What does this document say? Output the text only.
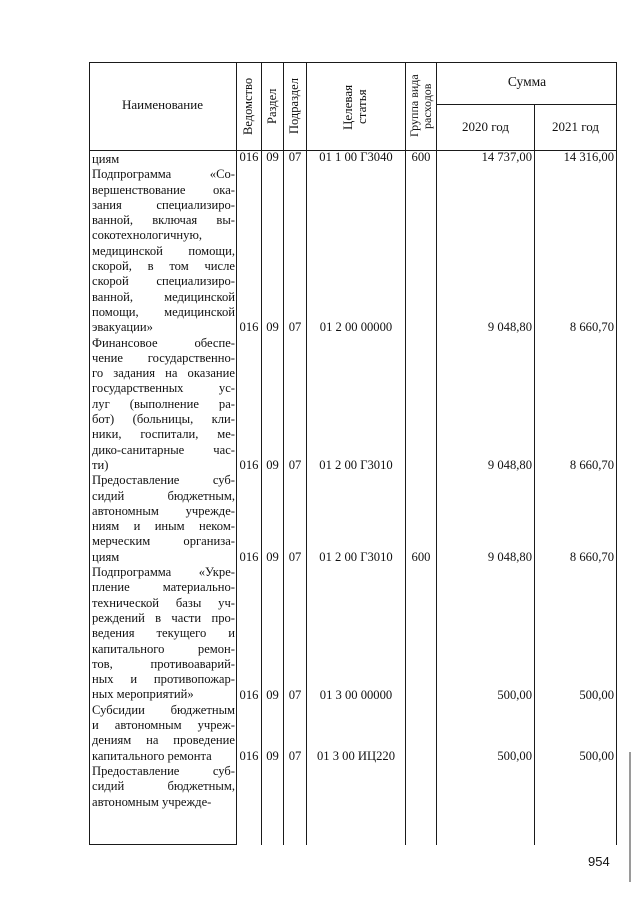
Наименование	Ведомство Раздел Подраздел	Целевая статья	Группа вида расходов
Сумма
2020 год	2021 год
циям	016 09 07	01 1 00 Г3040	600	14 737,00	14 316,00
Подпрограмма «Со-
вершенствование ока-
зания специализиро-
ванной, включая вы-
сокотехнологичную,
медицинской помощи,
скорой, в том числе
скорой специализиро-
ванной, медицинской
помощи, медицинской
эвакуации»	016 09 07	01 2 00 00000	9 048,80	8 660,70
Финансовое обеспе-
чение государственно-
го задания на оказание
государственных ус-
луг (выполнение ра-
бот) (больницы, кли-
ники, госпитали, ме-
дико-санитарные час-
ти)	016 09 07	01 2 00 Г3010	9 048,80	8 660,70
Предоставление суб-
сидий бюджетным,
автономным учрежде-
ниям и иным неком-
мерческим организа-
циям	016 09 07	01 2 00 Г3010	600	9 048,80	8 660,70
Подпрограмма «Укре-
пление материально-
технической базы уч-
реждений в части про-
ведения текущего и
капитального ремон-
тов, противоаварий-
ных и противопожар-
ных мероприятий»	016 09 07	01 3 00 00000	500,00	500,00
Субсидии бюджетным
и автономным учреж-
дениям на проведение
капитального ремонта	016 09 07	01 3 00 ИЦ220	500,00	500,00
Предоставление суб-
сидий бюджетным,
автономным учрежде-
954
